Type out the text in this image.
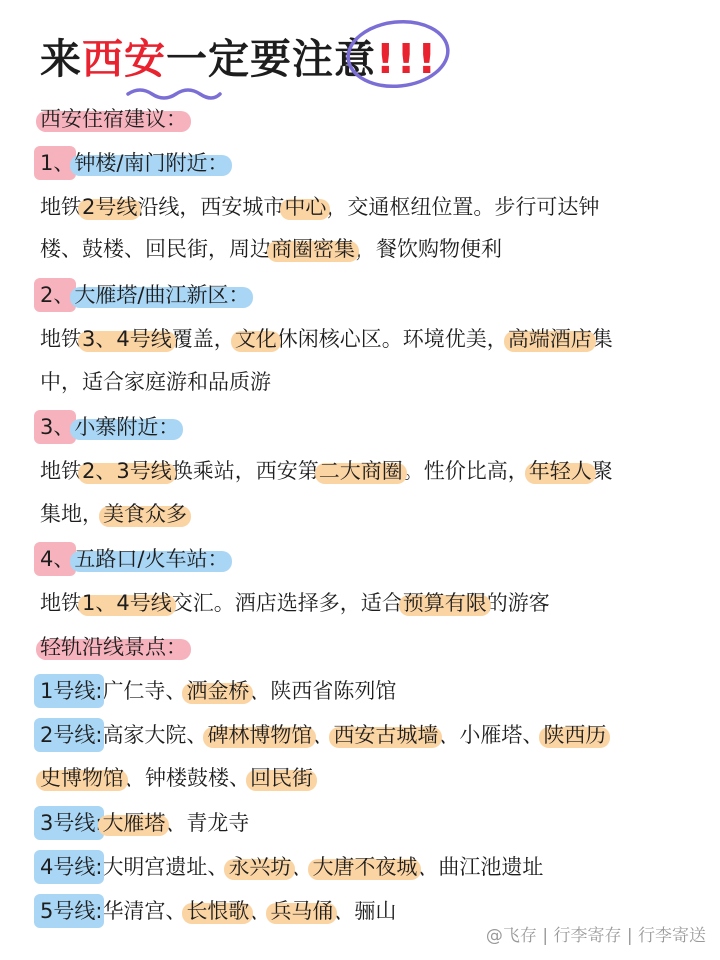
来西安一定要注意!!!
西安住宿建议：
1、钟楼/南门附近：
地铁2号线沿线，西安城市中心，交通枢纽位置。步行可达钟
楼、鼓楼、回民街，周边商圈密集，餐饮购物便利
2、大雁塔/曲江新区：
地铁3、4号线覆盖，文化休闲核心区。环境优美，高端酒店集
中，适合家庭游和品质游
3、小寨附近：
地铁2、3号线换乘站，西安第二大商圈。性价比高，年轻人聚
集地，美食众多
4、五路口/火车站：
地铁1、4号线交汇。酒店选择多，适合预算有限的游客
轻轨沿线景点：
1号线:广仁寺、洒金桥、陕西省陈列馆
2号线:高家大院、碑林博物馆、西安古城墙、小雁塔、陕西历
史博物馆、钟楼鼓楼、回民街
3号线:大雁塔、青龙寺
4号线:大明宫遗址、永兴坊、大唐不夜城、曲江池遗址
5号线:华清宫、长恨歌、兵马俑、骊山
@飞存 | 行李寄存 | 行李寄送
